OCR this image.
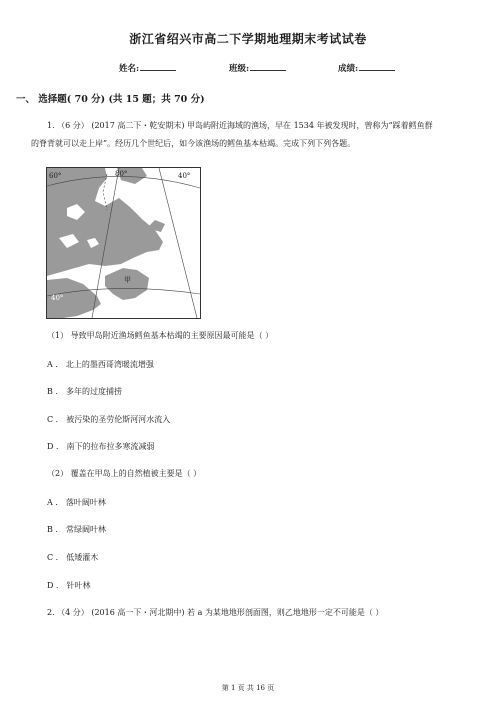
浙江省绍兴市高二下学期地理期末考试试卷
姓名:	班级:	成绩:
一、 选择题( 70 分) (共 15 题；共 70 分)
1. （6 分） (2017 高二下・乾安期末) 甲岛屿附近海域的渔场，早在 1534 年被发现时，曾称为“踩着鳕鱼群
的脊背就可以走上岸”。经历几个世纪后，如今该渔场的鳕鱼基本枯竭。完成下列下列各题。
60°	80°	40°
40°
甲
（1） 导致甲岛附近渔场鳕鱼基本枯竭的主要原因最可能是（ ）
A ． 北上的墨西哥湾暖流增强
B ． 多年的过度捕捞
C ． 被污染的圣劳伦斯河河水流入
D ． 南下的拉布拉多寒流减弱
（2） 覆盖在甲岛上的自然植被主要是（ ）
A ． 落叶阔叶林
B ． 常绿阔叶林
C ． 低矮灌木
D ． 针叶林
2. （4 分） (2016 高一下・河北期中) 若 a 为某地地形剖面图，则乙地地形一定不可能是（ ）
第 1 页 共 16 页
